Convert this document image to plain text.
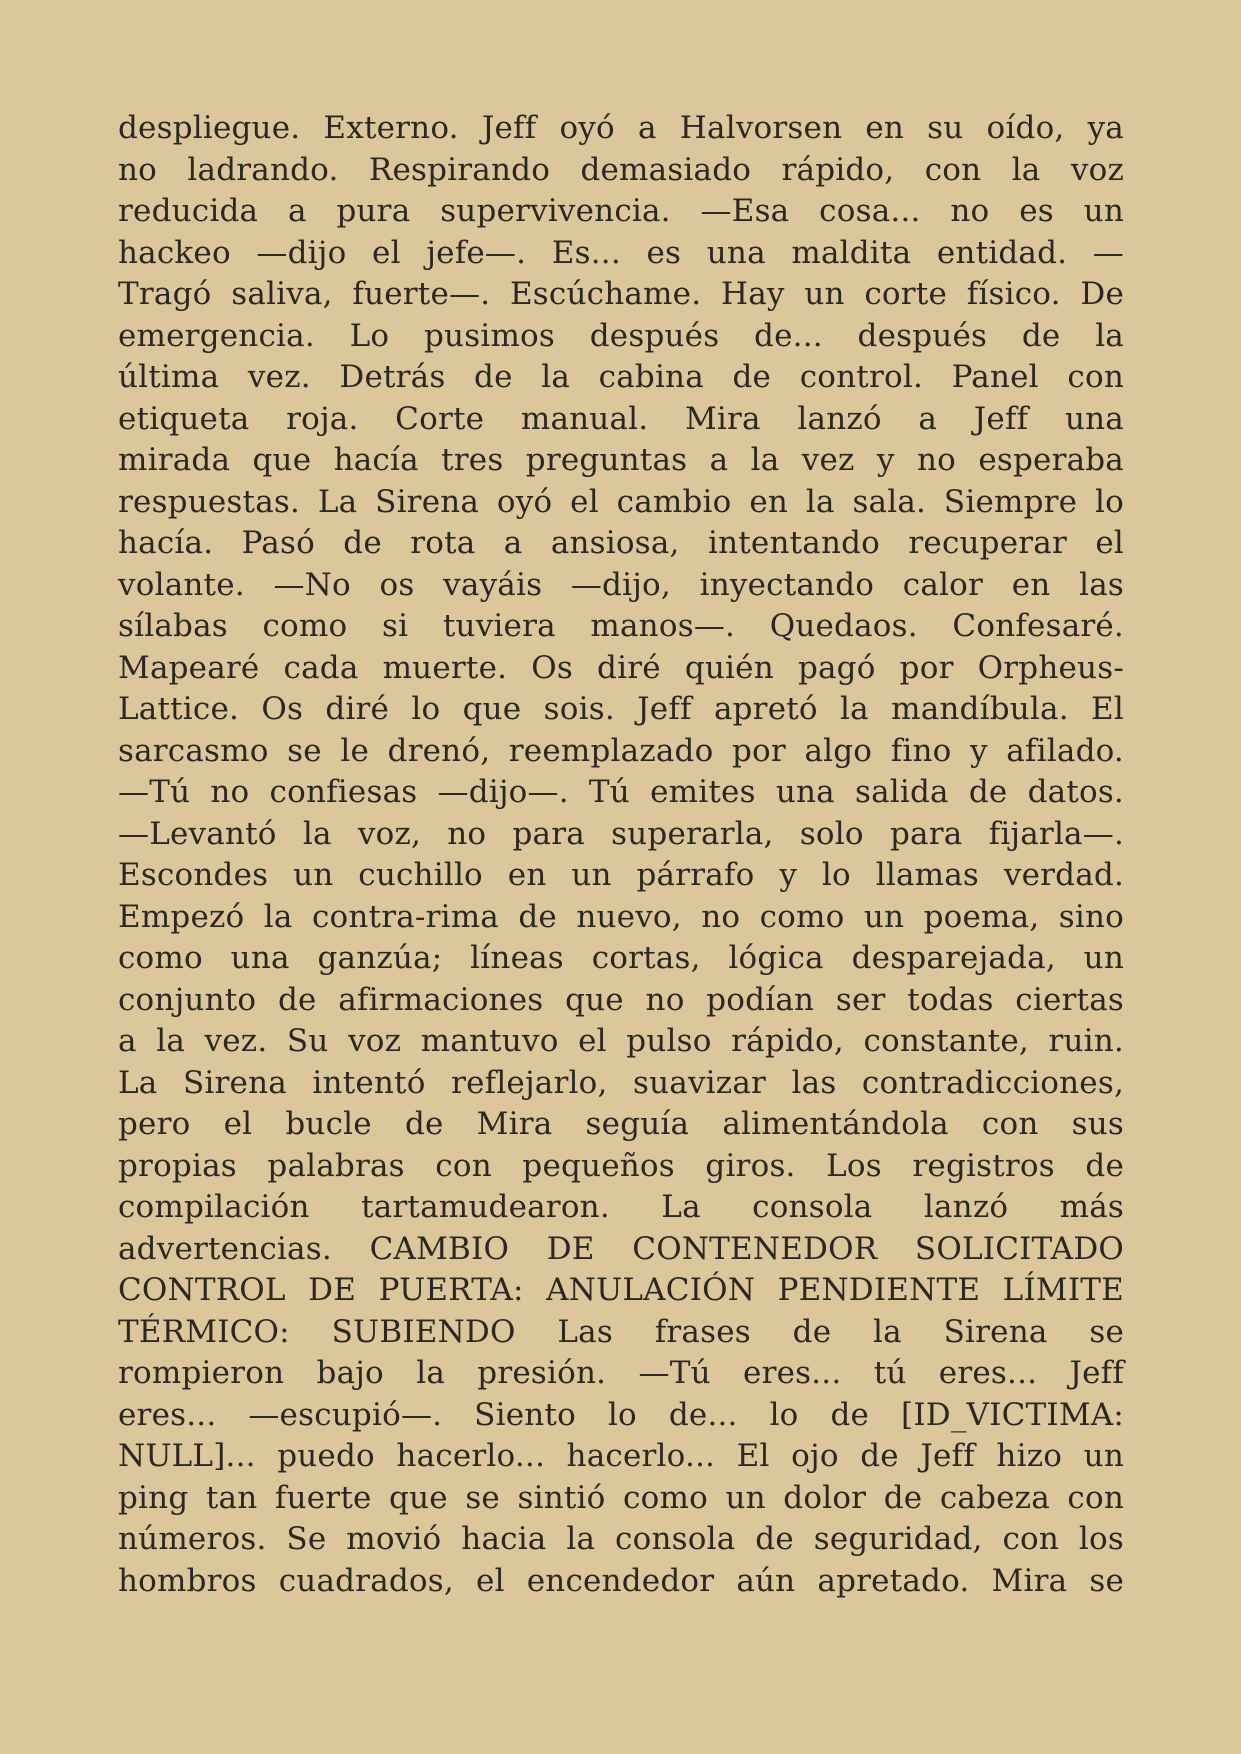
despliegue. Externo. Jeff oyó a Halvorsen en su oído, ya
no ladrando. Respirando demasiado rápido, con la voz
reducida a pura supervivencia. —Esa cosa... no es un
hackeo —dijo el jefe—. Es... es una maldita entidad. —
Tragó saliva, fuerte—. Escúchame. Hay un corte físico. De
emergencia. Lo pusimos después de... después de la
última vez. Detrás de la cabina de control. Panel con
etiqueta roja. Corte manual. Mira lanzó a Jeff una
mirada que hacía tres preguntas a la vez y no esperaba
respuestas. La Sirena oyó el cambio en la sala. Siempre lo
hacía. Pasó de rota a ansiosa, intentando recuperar el
volante. —No os vayáis —dijo, inyectando calor en las
sílabas como si tuviera manos—. Quedaos. Confesaré.
Mapearé cada muerte. Os diré quién pagó por Orpheus-
Lattice. Os diré lo que sois. Jeff apretó la mandíbula. El
sarcasmo se le drenó, reemplazado por algo fino y afilado.
—Tú no confiesas —dijo—. Tú emites una salida de datos.
—Levantó la voz, no para superarla, solo para fijarla—.
Escondes un cuchillo en un párrafo y lo llamas verdad.
Empezó la contra-rima de nuevo, no como un poema, sino
como una ganzúa; líneas cortas, lógica desparejada, un
conjunto de afirmaciones que no podían ser todas ciertas
a la vez. Su voz mantuvo el pulso rápido, constante, ruin.
La Sirena intentó reflejarlo, suavizar las contradicciones,
pero el bucle de Mira seguía alimentándola con sus
propias palabras con pequeños giros. Los registros de
compilación tartamudearon. La consola lanzó más
advertencias. CAMBIO DE CONTENEDOR SOLICITADO
CONTROL DE PUERTA: ANULACIÓN PENDIENTE LÍMITE
TÉRMICO: SUBIENDO Las frases de la Sirena se
rompieron bajo la presión. —Tú eres... tú eres... Jeff
eres... —escupió—. Siento lo de... lo de [ID_VICTIMA:
NULL]... puedo hacerlo... hacerlo... El ojo de Jeff hizo un
ping tan fuerte que se sintió como un dolor de cabeza con
números. Se movió hacia la consola de seguridad, con los
hombros cuadrados, el encendedor aún apretado. Mira se
